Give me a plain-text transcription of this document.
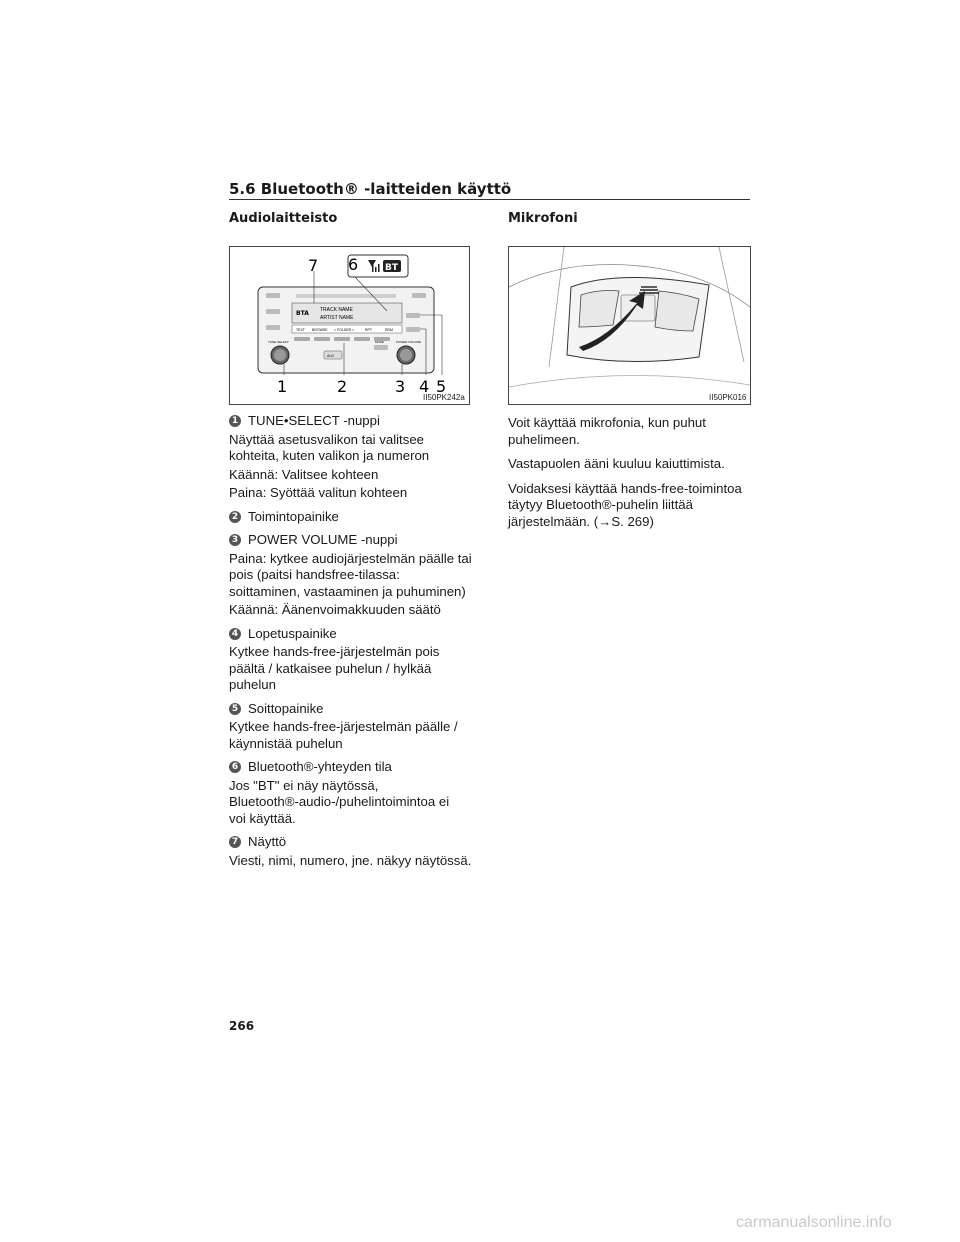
5.6 Bluetooth® -laitteiden käyttö
Audiolaitteisto	Mikrofoni
BTA TRACK NAME
ARTIST NAME
TEXT BROWSE < FOLDER >	RPT	RDM
TUNE·SELECT	POWER VOLUME
AUX
MODE
BT
7 6
1	2	3 4 5
II50PK242a	II50PK016
1 TUNE•SELECT -nuppi
Näyttää asetusvalikon tai valitsee
kohteita, kuten valikon ja numeron
Käännä: Valitsee kohteen
Paina: Syöttää valitun kohteen
2 Toimintopainike
3 POWER VOLUME -nuppi
Paina: kytkee audiojärjestelmän päälle tai
pois (paitsi handsfree-tilassa:
soittaminen, vastaaminen ja puhuminen)
Käännä: Äänenvoimakkuuden säätö
4 Lopetuspainike
Kytkee hands-free-järjestelmän pois
päältä / katkaisee puhelun / hylkää
puhelun
5 Soittopainike
Kytkee hands-free-järjestelmän päälle /
käynnistää puhelun
6 Bluetooth®-yhteyden tila
Jos "BT" ei näy näytössä,
Bluetooth®-audio-/puhelintoimintoa ei
voi käyttää.
7 Näyttö
Viesti, nimi, numero, jne. näkyy näytössä.
Voit käyttää mikrofonia, kun puhut puhelimeen.
Vastapuolen ääni kuuluu kaiuttimista.
Voidaksesi käyttää hands-free-toimintoa täytyy Bluetooth®-puhelin liittää järjestelmään. (→S. 269)
266
carmanualsonline.info
